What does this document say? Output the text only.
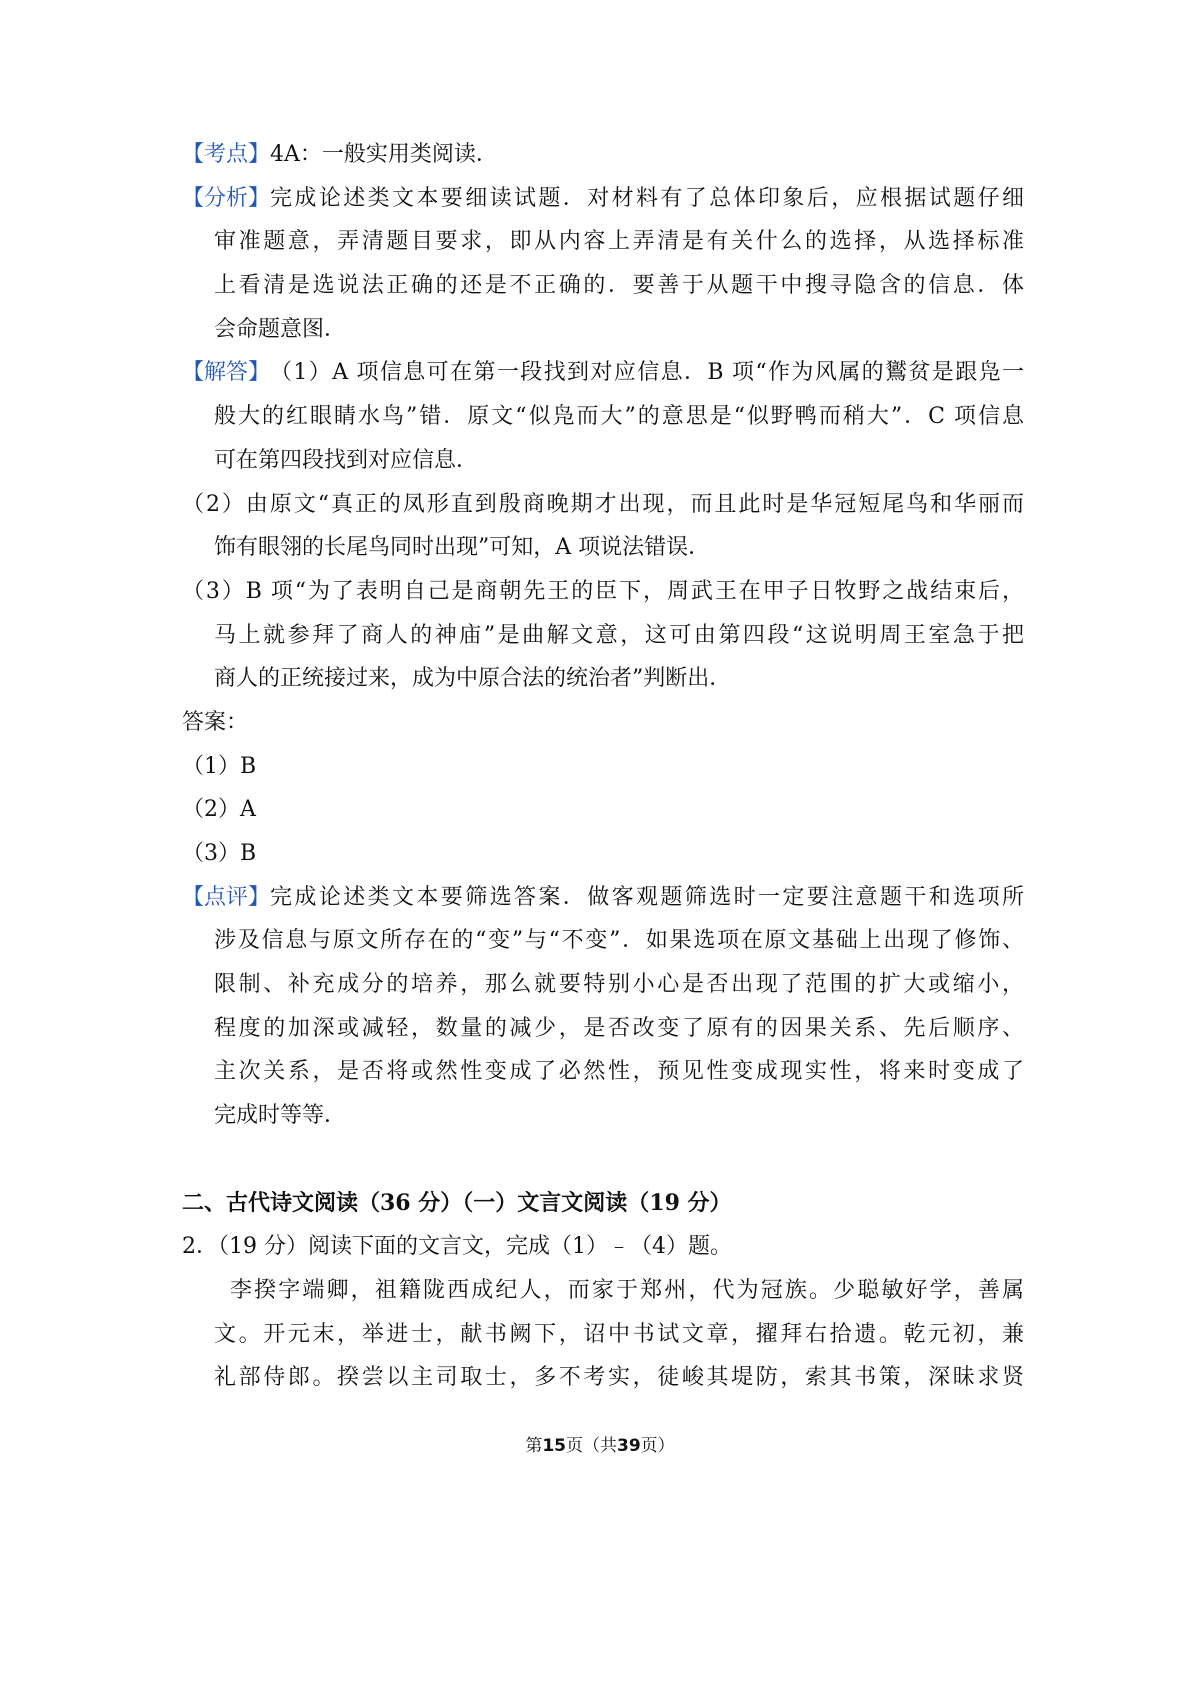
【考点】4A：一般实用类阅读．
【分析】 完成论述类文本要细读试题．对材料有了总体印象后，应根据试题仔细
审准题意，弄清题目要求，即从内容上弄清是有关什么的选择，从选择标准
上看清是选说法正确的还是不正确的．要善于从题干中搜寻隐含的信息．体
会命题意图．
【解答】 （1）A 项信息可在第一段找到对应信息．B 项“作为风属的鸑贫是跟凫一
般大的红眼睛水鸟”错．原文“似凫而大”的意思是“似野鸭而稍大”．C 项信息
可在第四段找到对应信息．
（2）由原文“真正的凤形直到殷商晚期才出现，而且此时是华冠短尾鸟和华丽而
饰有眼翎的长尾鸟同时出现”可知，A 项说法错误．
（3）B 项“为了表明自己是商朝先王的臣下，周武王在甲子日牧野之战结束后，
马上就参拜了商人的神庙”是曲解文意，这可由第四段“这说明周王室急于把
商人的正统接过来，成为中原合法的统治者”判断出．
答案：
（1）B
（2）A
（3）B
【点评】 完成论述类文本要筛选答案．做客观题筛选时一定要注意题干和选项所
涉及信息与原文所存在的“变”与“不变”．如果选项在原文基础上出现了修饰、
限制、补充成分的培养，那么就要特别小心是否出现了范围的扩大或缩小，
程度的加深或减轻，数量的减少，是否改变了原有的因果关系、先后顺序、
主次关系，是否将或然性变成了必然性，预见性变成现实性，将来时变成了
完成时等等．
二、古代诗文阅读（36 分）（一）文言文阅读（19 分）
2．（19 分）阅读下面的文言文，完成（1）﹣（4）题。
李揆字端卿，祖籍陇西成纪人，而家于郑州，代为冠族。少聪敏好学，善属
文。开元末，举进士，献书阙下，诏中书试文章，擢拜右拾遗。乾元初，兼
礼部侍郎。揆尝以主司取士，多不考实，徒峻其堤防，索其书策，深昧求贤
第15页（共39页）
